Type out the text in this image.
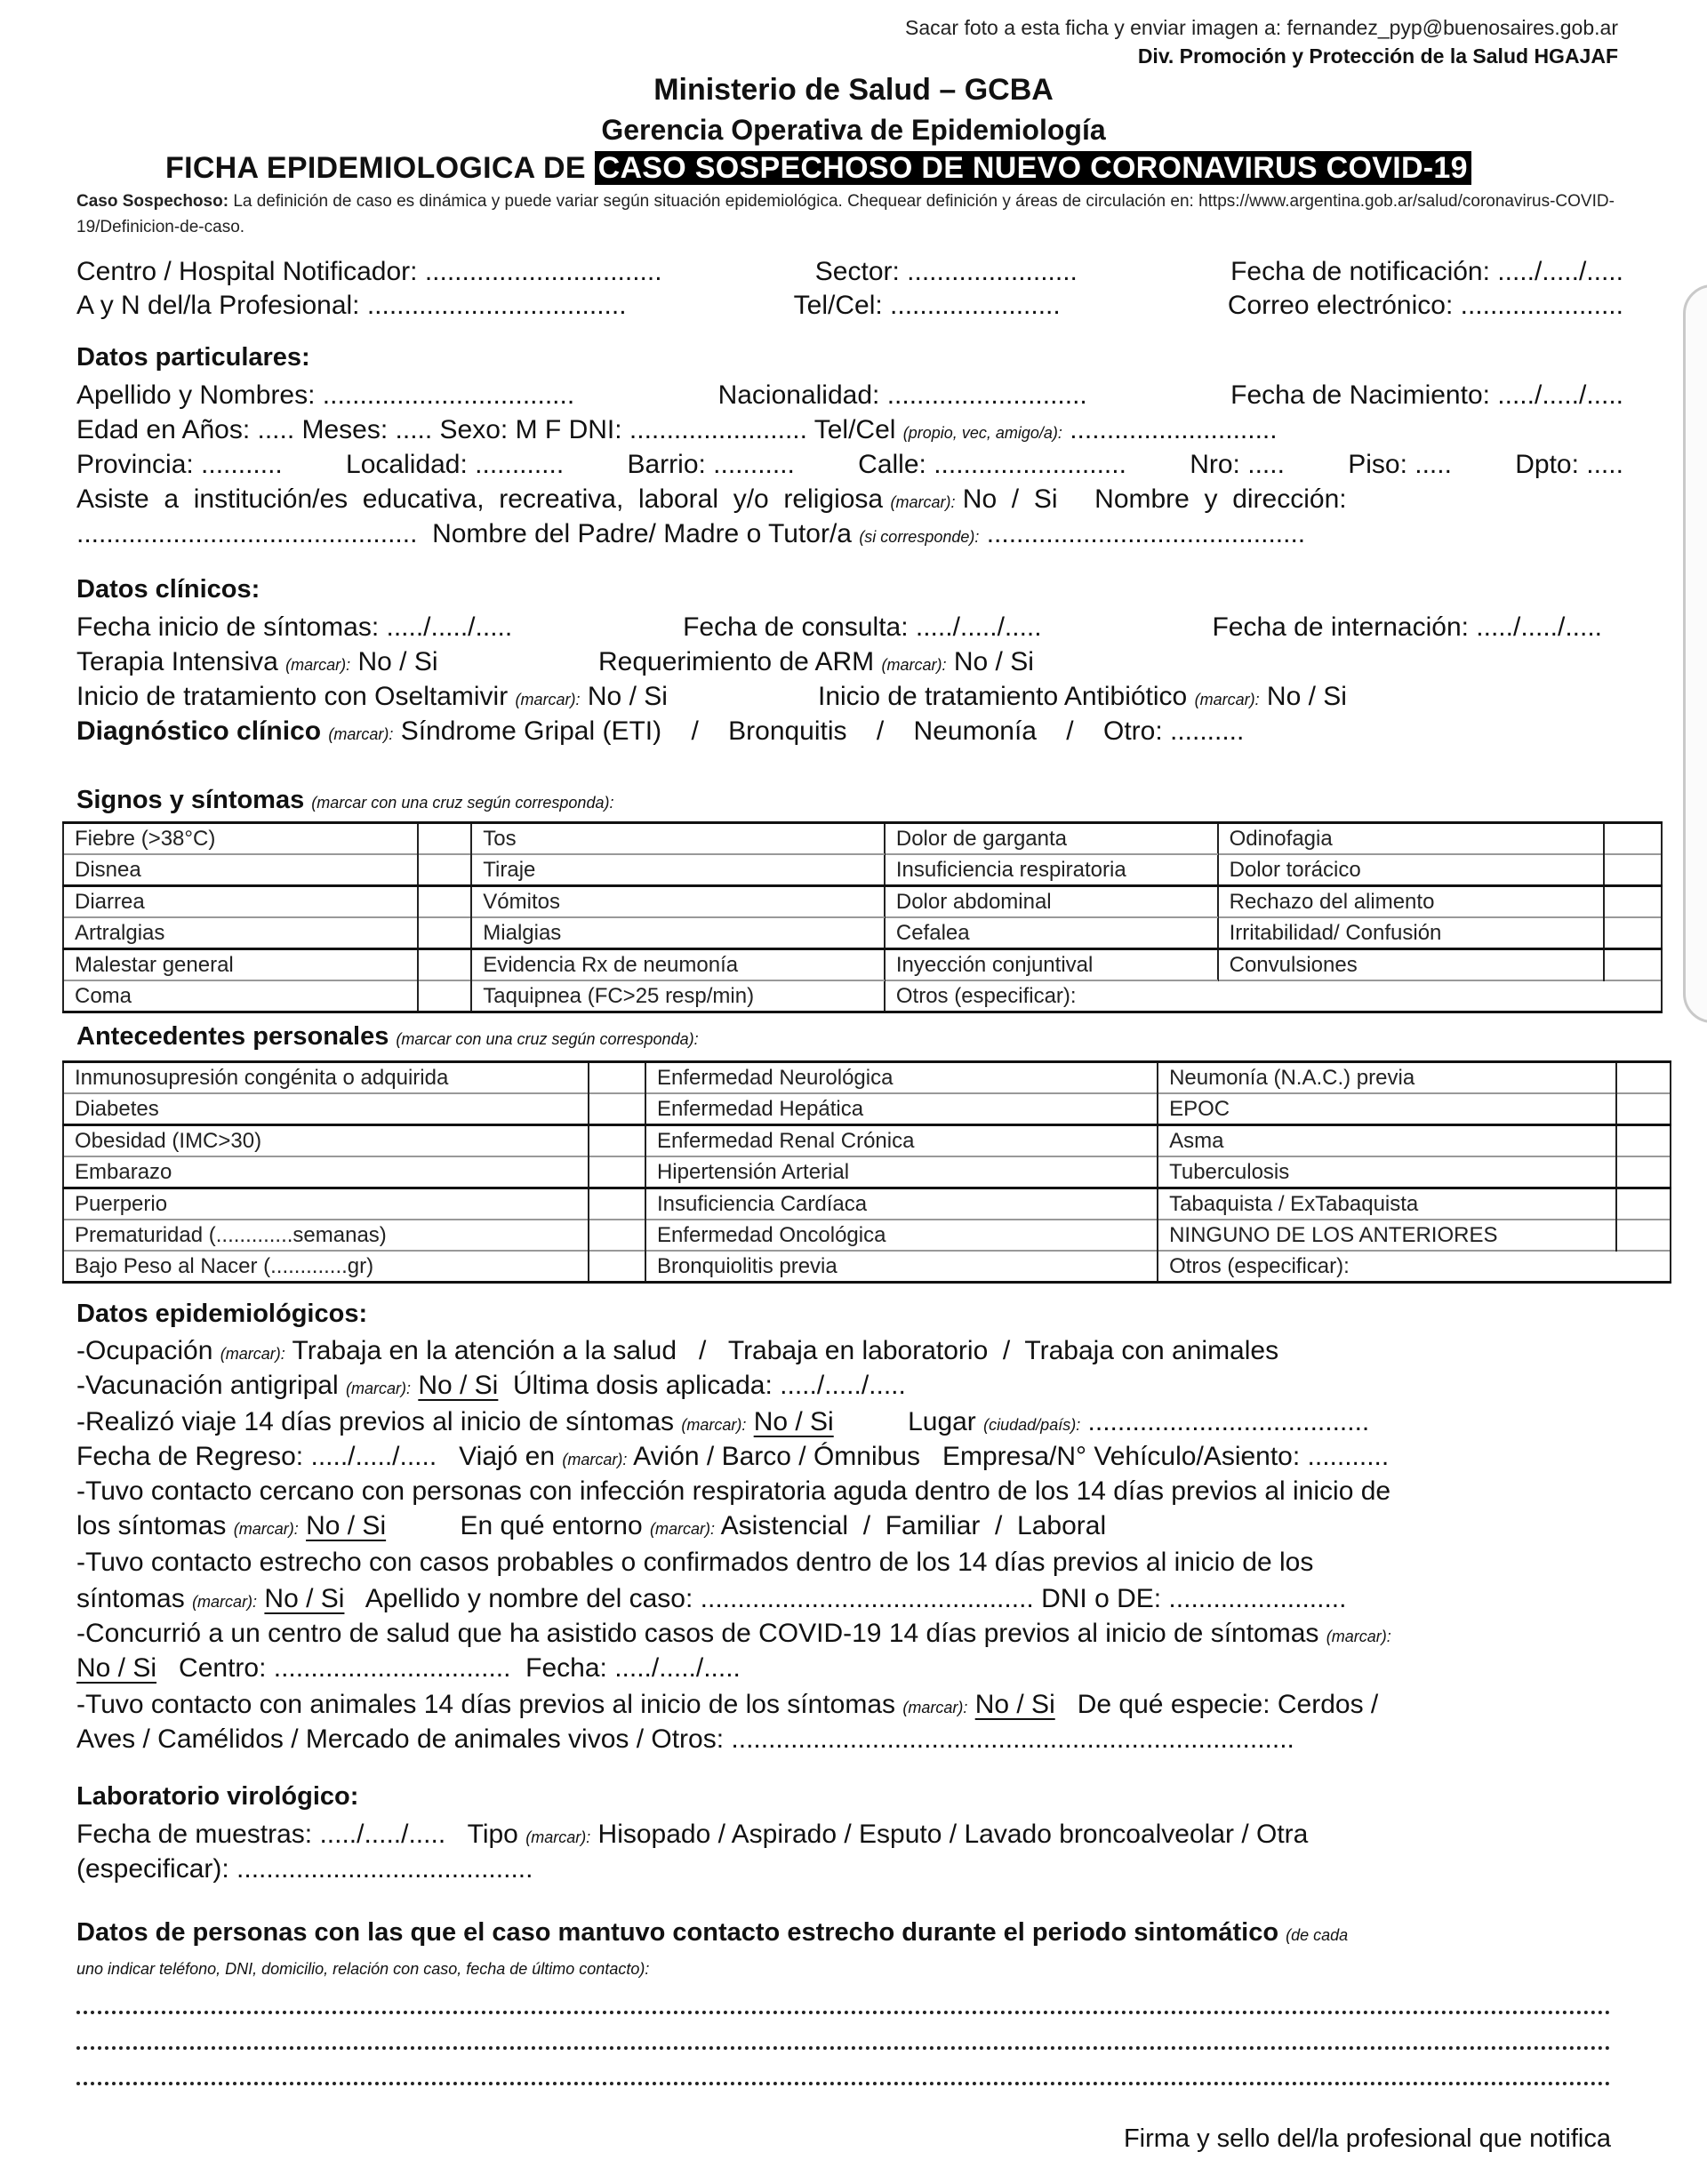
Sacar foto a esta ficha y enviar imagen a: fernandez_pyp@buenosaires.gob.ar
Div. Promoción y Protección de la Salud HGAJAF
Ministerio de Salud – GCBA
Gerencia Operativa de Epidemiología
FICHA EPIDEMIOLOGICA DE CASO SOSPECHOSO DE NUEVO CORONAVIRUS COVID-19
Caso Sospechoso: La definición de caso es dinámica y puede variar según situación epidemiológica. Chequear definición y áreas de circulación en: https://www.argentina.gob.ar/salud/coronavirus-COVID-19/Definicion-de-caso.
Centro / Hospital Notificador: ................................	Sector: .......................	Fecha de notificación: ...../...../.....
A y N del/la Profesional: ...................................	Tel/Cel: .......................	Correo electrónico: ......................
Datos particulares:
Apellido y Nombres: ..................................	Nacionalidad: ...........................	Fecha de Nacimiento: ...../...../.....
Edad en Años: ..... Meses: ..... Sexo: M F DNI: ........................ Tel/Cel (propio, vec, amigo/a): ............................
Provincia: ........... Localidad: ............ Barrio: ........... Calle: .......................... Nro: ..... Piso: ..... Dpto: .....
Asiste  a  institución/es  educativa,  recreativa,  laboral  y/o  religiosa (marcar): No  /  Si     Nombre  y  dirección:
..............................................  Nombre del Padre/ Madre o Tutor/a (si corresponde): ...........................................
Datos clínicos:
Fecha inicio de síntomas: ...../...../.....	Fecha de consulta: ...../...../.....	Fecha de internación: ...../...../.....
Terapia Intensiva (marcar): No / Si	Requerimiento de ARM (marcar): No / Si
Inicio de tratamiento con Oseltamivir (marcar): No / Si	Inicio de tratamiento Antibiótico (marcar): No / Si
Diagnóstico clínico (marcar): Síndrome Gripal (ETI)    /    Bronquitis    /    Neumonía    /    Otro: ..........
Signos y síntomas (marcar con una cruz según corresponda):
Fiebre (>38°C)		Tos	Dolor de garganta	Odinofagia	
Disnea		Tiraje	Insuficiencia respiratoria	Dolor torácico	
Diarrea		Vómitos	Dolor abdominal	Rechazo del alimento	
Artralgias		Mialgias	Cefalea	Irritabilidad/ Confusión	
Malestar general		Evidencia Rx de neumonía	Inyección conjuntival	Convulsiones	
Coma		Taquipnea (FC>25 resp/min)	Otros (especificar):		
Antecedentes personales (marcar con una cruz según corresponda):
Inmunosupresión congénita o adquirida		Enfermedad Neurológica	Neumonía (N.A.C.) previa	
Diabetes		Enfermedad Hepática	EPOC	
Obesidad (IMC>30)		Enfermedad Renal Crónica	Asma	
Embarazo		Hipertensión Arterial	Tuberculosis	
Puerperio		Insuficiencia Cardíaca	Tabaquista / ExTabaquista	
Prematuridad (.............semanas)		Enfermedad Oncológica	NINGUNO DE LOS ANTERIORES	
Bajo Peso al Nacer (.............gr)		Bronquiolitis previa	Otros (especificar):	
Datos epidemiológicos:
-Ocupación (marcar): Trabaja en la atención a la salud   /   Trabaja en laboratorio  /  Trabaja con animales
-Vacunación antigripal (marcar): No / Si  Última dosis aplicada: ...../...../.....
-Realizó viaje 14 días previos al inicio de síntomas (marcar): No / Si          Lugar (ciudad/país): ......................................
Fecha de Regreso: ...../...../.....   Viajó en (marcar): Avión / Barco / Ómnibus   Empresa/N° Vehículo/Asiento: ...........
-Tuvo contacto cercano con personas con infección respiratoria aguda dentro de los 14 días previos al inicio de
los síntomas (marcar): No / Si          En qué entorno (marcar): Asistencial  /  Familiar  /  Laboral
-Tuvo contacto estrecho con casos probables o confirmados dentro de los 14 días previos al inicio de los
síntomas (marcar): No / Si   Apellido y nombre del caso: ............................................. DNI o DE: ........................
-Concurrió a un centro de salud que ha asistido casos de COVID-19 14 días previos al inicio de síntomas (marcar):
No / Si   Centro: ................................  Fecha: ...../...../.....
-Tuvo contacto con animales 14 días previos al inicio de los síntomas (marcar): No / Si   De qué especie: Cerdos /
Aves / Camélidos / Mercado de animales vivos / Otros: ............................................................................
Laboratorio virológico:
Fecha de muestras: ...../...../.....   Tipo (marcar): Hisopado / Aspirado / Esputo / Lavado broncoalveolar / Otra
(especificar): ........................................
Datos de personas con las que el caso mantuvo contacto estrecho durante el periodo sintomático (de cada
uno indicar teléfono, DNI, domicilio, relación con caso, fecha de último contacto):
Firma y sello del/la profesional que notifica
